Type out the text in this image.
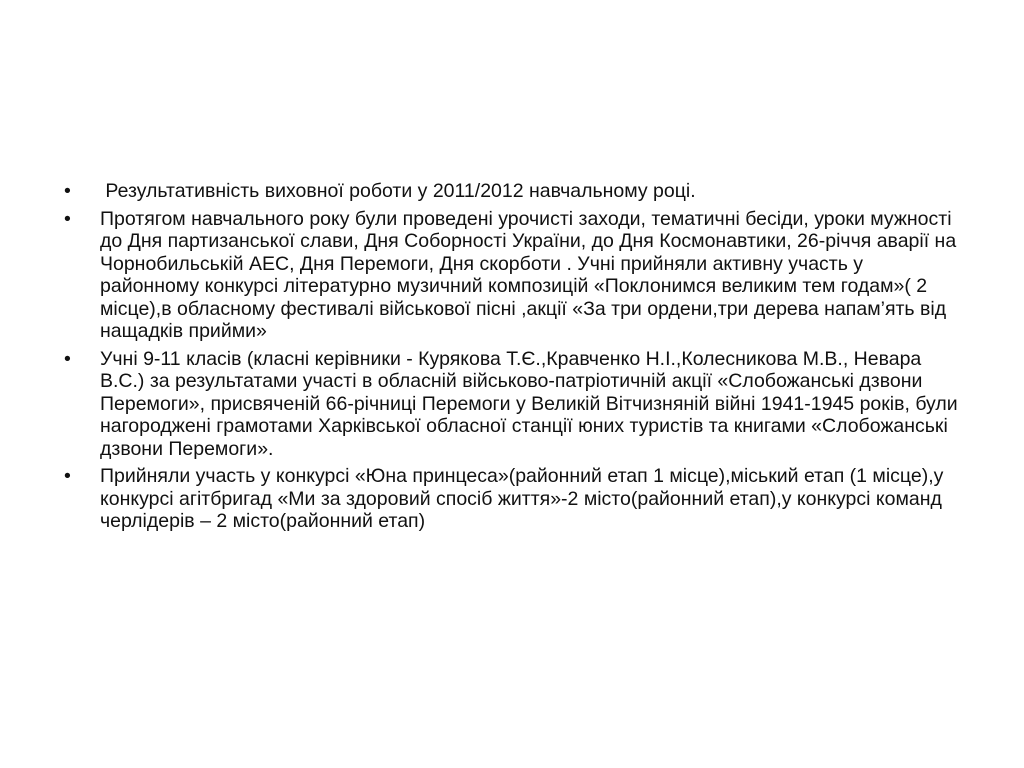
•	Результативність виховної роботи у 2011/2012 навчальному році.
•	Протягом навчального року були проведені урочисті заходи, тематичні бесіди, уроки мужності до Дня партизанської слави, Дня Соборності України, до Дня Космонавтики, 26-річчя аварії на Чорнобильській АЕС, Дня Перемоги, Дня скорботи . Учні прийняли активну участь у районному конкурсі літературно музичний композицій «Поклонимся великим тем годам»( 2 місце),в обласному фестивалі військової пісні ,акції «За три ордени,три дерева напам’ять від нащадків прийми»
•	Учні 9-11 класів (класні керівники - Курякова Т.Є.,Кравченко Н.І.,Колесникова М.В., Невара В.С.) за результатами участі в обласній військово-патріотичній акції «Слобожанські дзвони Перемоги», присвяченій 66-річниці Перемоги у Великій Вітчизняній війні 1941-1945 років, були нагороджені грамотами Харківської обласної станції юних туристів та книгами «Слобожанські дзвони Перемоги».
•	Прийняли участь у конкурсі «Юна принцеса»(районний етап 1 місце),міський етап (1 місце),у конкурсі агітбригад «Ми за здоровий спосіб життя»-2 місто(районний етап),у конкурсі команд черлідерів – 2 місто(районний етап)
